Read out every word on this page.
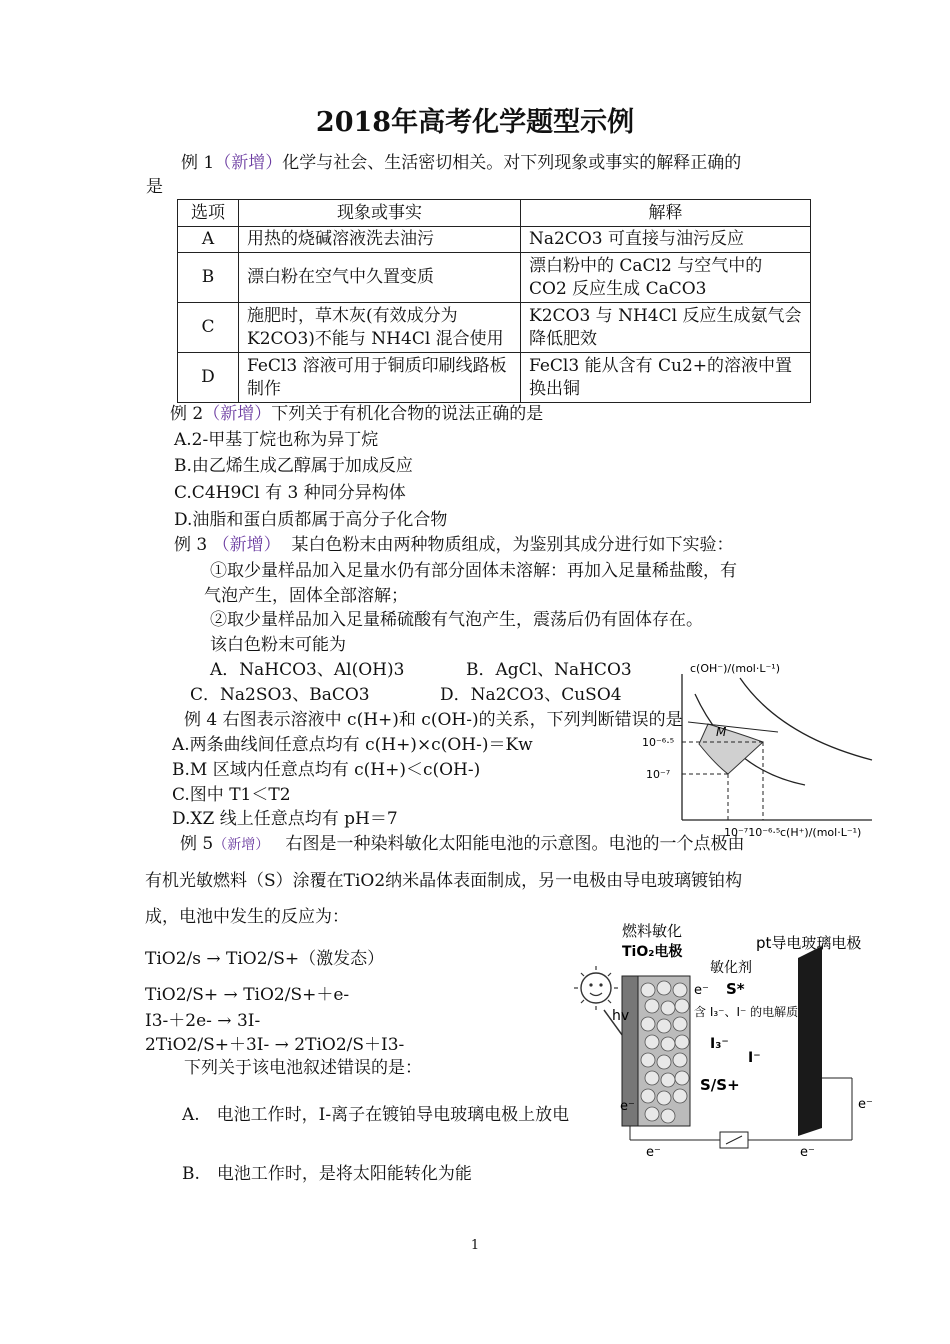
2018年高考化学题型示例
例 1（新增）化学与社会、生活密切相关。对下列现象或事实的解释正确的
是
选项	现象或事实	解释
A	用热的烧碱溶液洗去油污	Na2CO3 可直接与油污反应
B	漂白粉在空气中久置变质	漂白粉中的 CaCl2 与空气中的 CO2 反应生成 CaCO3
C	施肥时，草木灰(有效成分为 K2CO3)不能与 NH4Cl 混合使用	K2CO3 与 NH4Cl 反应生成氨气会降低肥效
D	FeCl3 溶液可用于铜质印刷线路板制作	FeCl3 能从含有 Cu2+的溶液中置换出铜
例 2（新增）下列关于有机化合物的说法正确的是
A.2-甲基丁烷也称为异丁烷
B.由乙烯生成乙醇属于加成反应
C.C4H9Cl 有 3 种同分异构体
D.油脂和蛋白质都属于高分子化合物
例 3 （新增） 某白色粉末由两种物质组成，为鉴别其成分进行如下实验：
①取少量样品加入足量水仍有部分固体未溶解：再加入足量稀盐酸，有
气泡产生，固体全部溶解；
②取少量样品加入足量稀硫酸有气泡产生，震荡后仍有固体存在。
该白色粉末可能为
A．NaHCO3、Al(OH)3	B．AgCl、NaHCO3
C．Na2SO3、BaCO3	D．Na2CO3、CuSO4
例 4 右图表示溶液中 c(H+)和 c(OH-)的关系，下列判断错误的是
A.两条曲线间任意点均有 c(H+)×c(OH-)＝Kw
B.M 区域内任意点均有 c(H+)＜c(OH-)
C.图中 T1＜T2
D.XZ 线上任意点均有 pH＝7
c(OH⁻)/(mol·L⁻¹)
10⁻⁶·⁵
10⁻⁷
M
10⁻⁷10⁻⁶·⁵ c(H⁺)/(mol·L⁻¹)
例 5（新增） 右图是一种染料敏化太阳能电池的示意图。电池的一个点极由
有机光敏燃料（S）涂覆在TiO2纳米晶体表面制成，另一电极由导电玻璃镀铂构
成，电池中发生的反应为：
TiO2/s → TiO2/S+（激发态）
TiO2/S+ → TiO2/S+＋e-
I3-＋2e- → 3I-
2TiO2/S+＋3I- → 2TiO2/S＋I3-
下列关于该电池叙述错误的是：
A.　电池工作时，I-离子在镀铂导电玻璃电极上放电
B.　电池工作时，是将太阳能转化为能
燃料敏化
TiO₂电极	pt导电玻璃电极
敏化剂
hv
e⁻ S*
含 I₃⁻、I⁻ 的电解质
I₃⁻
I⁻
S/S+
e⁻
e⁻	e⁻
e⁻
1
